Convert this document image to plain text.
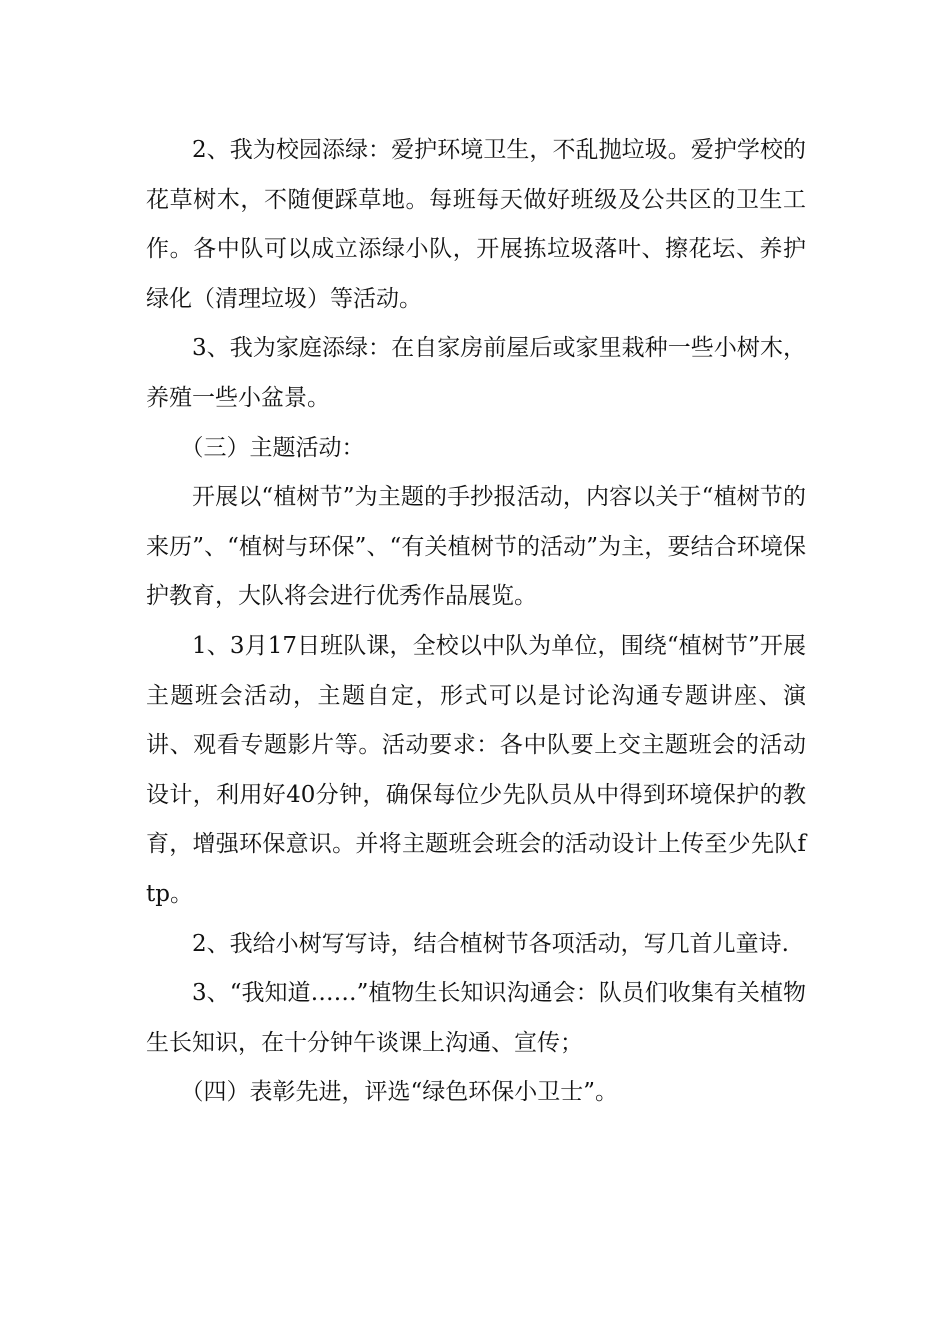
2、我为校园添绿：爱护环境卫生，不乱抛垃圾。爱护学校的花草树木，不随便踩草地。每班每天做好班级及公共区的卫生工作。各中队可以成立添绿小队，开展拣垃圾落叶、擦花坛、养护绿化（清理垃圾）等活动。

3、我为家庭添绿：在自家房前屋后或家里栽种一些小树木，养殖一些小盆景。

（三）主题活动：

开展以“植树节”为主题的手抄报活动，内容以关于“植树节的来历”、“植树与环保”、“有关植树节的活动”为主，要结合环境保护教育，大队将会进行优秀作品展览。

1、3月17日班队课，全校以中队为单位，围绕“植树节”开展主题班会活动，主题自定，形式可以是讨论沟通专题讲座、演讲、观看专题影片等。活动要求：各中队要上交主题班会的活动设计，利用好40分钟，确保每位少先队员从中得到环境保护的教育，增强环保意识。并将主题班会班会的活动设计上传至少先队ftp。

2、我给小树写写诗，结合植树节各项活动，写几首儿童诗.

3、“我知道……”植物生长知识沟通会：队员们收集有关植物生长知识，在十分钟午谈课上沟通、宣传；

（四）表彰先进，评选“绿色环保小卫士”。
